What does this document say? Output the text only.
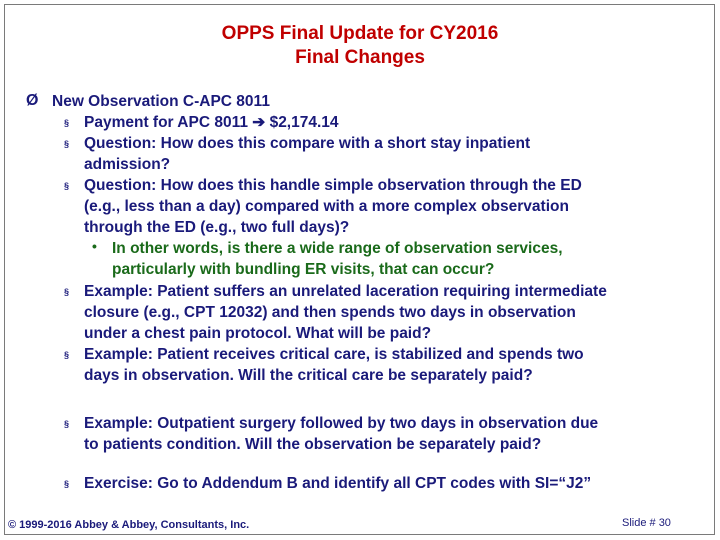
OPPS Final Update for CY2016
Final Changes
Ø New Observation C-APC 8011
§ Payment for APC 8011 ➔ $2,174.14
§ Question: How does this compare with a short stay inpatient
admission?
§ Question: How does this handle simple observation through the ED
(e.g., less than a day) compared with a more complex observation
through the ED (e.g., two full days)?
• In other words, is there a wide range of observation services,
particularly with bundling ER visits, that can occur?
§ Example: Patient suffers an unrelated laceration requiring intermediate
closure (e.g., CPT 12032) and then spends two days in observation
under a chest pain protocol. What will be paid?
§ Example: Patient receives critical care, is stabilized and spends two
days in observation. Will the critical care be separately paid?
§ Example: Outpatient surgery followed by two days in observation due
to patients condition. Will the observation be separately paid?
§ Exercise: Go to Addendum B and identify all CPT codes with SI=“J2”
© 1999-2016 Abbey & Abbey, Consultants, Inc.	Slide # 30
